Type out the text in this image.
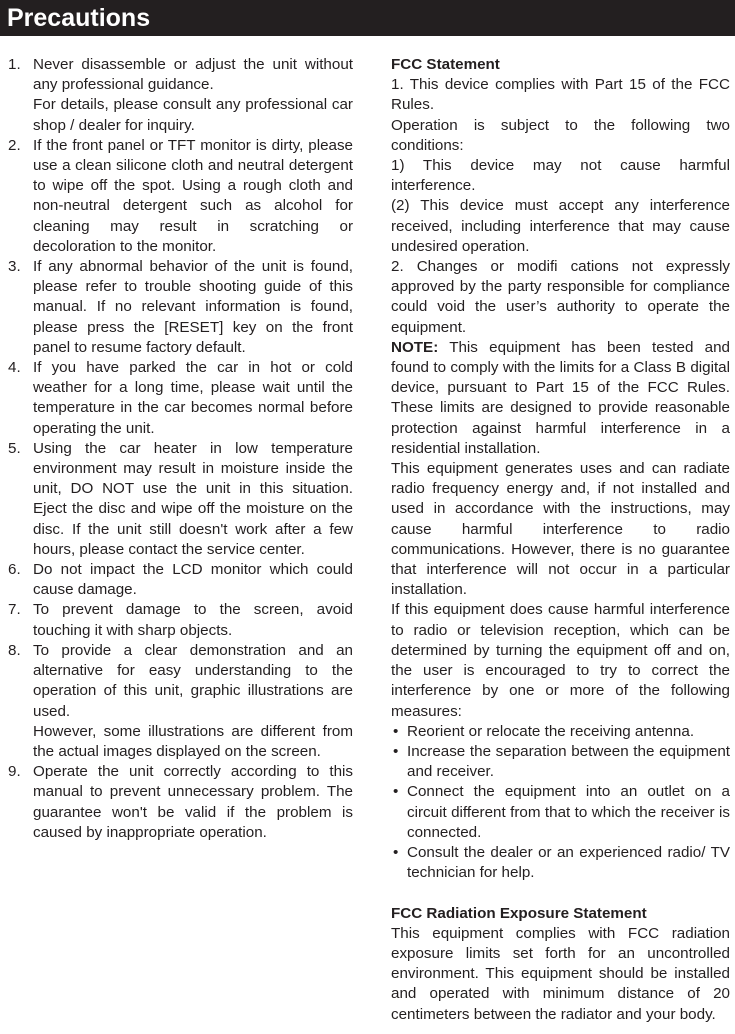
Precautions
1. Never disassemble or adjust the unit without any professional guidance.

For details, please consult any professional car shop / dealer for inquiry.

2. If the front panel or TFT monitor is dirty, please use a clean silicone cloth and neutral detergent to wipe off the spot. Using a rough cloth and non-neutral detergent such as alcohol for cleaning may result in scratching or decoloration to the monitor.

3. If any abnormal behavior of the unit is found, please refer to trouble shooting guide of this manual. If no relevant information is found, please press the [RESET] key on the front panel to resume factory default.

4. If you have parked the car in hot or cold weather for a long time, please wait until the temperature in the car becomes normal before operating the unit.

5. Using the car heater in low temperature environment may result in moisture inside the unit, DO NOT use the unit in this situation. Eject the disc and wipe off the moisture on the disc. If the unit still doesn't work after a few hours, please contact the service center.

6. Do not impact the LCD monitor which could cause damage.

7. To prevent damage to the screen, avoid touching it with sharp objects.

8. To provide a clear demonstration and an alternative for easy understanding to the operation of this unit, graphic illustrations are used.

However, some illustrations are different from the actual images displayed on the screen.

9. Operate the unit correctly according to this manual to prevent unnecessary problem. The guarantee won't be valid if the problem is caused by inappropriate operation.

FCC Statement

1. This device complies with Part 15 of the FCC Rules.

Operation is subject to the following two conditions:

1) This device may not cause harmful interference.

(2) This device must accept any interference received, including interference that may cause undesired operation.

2. Changes or modifi cations not expressly approved by the party responsible for compliance could void the user’s authority to operate the equipment.

NOTE: This equipment has been tested and found to comply with the limits for a Class B digital device, pursuant to Part 15 of the FCC Rules. These limits are designed to provide reasonable protection against harmful interference in a residential installation.

This equipment generates uses and can radiate radio frequency energy and, if not installed and used in accordance with the instructions, may cause harmful interference to radio communications. However, there is no guarantee that interference will not occur in a particular installation.

If this equipment does cause harmful interference to radio or television reception, which can be determined by turning the equipment off and on, the user is encouraged to try to correct the interference by one or more of the following measures:

• Reorient or relocate the receiving antenna.

• Increase the separation between the equipment and receiver.

• Connect the equipment into an outlet on a circuit different from that to which the receiver is connected.

• Consult the dealer or an experienced radio/ TV technician for help.

FCC Radiation Exposure Statement

This equipment complies with FCC radiation exposure limits set forth for an uncontrolled environment. This equipment should be installed and operated with minimum distance of 20 centimeters between the radiator and your body.
